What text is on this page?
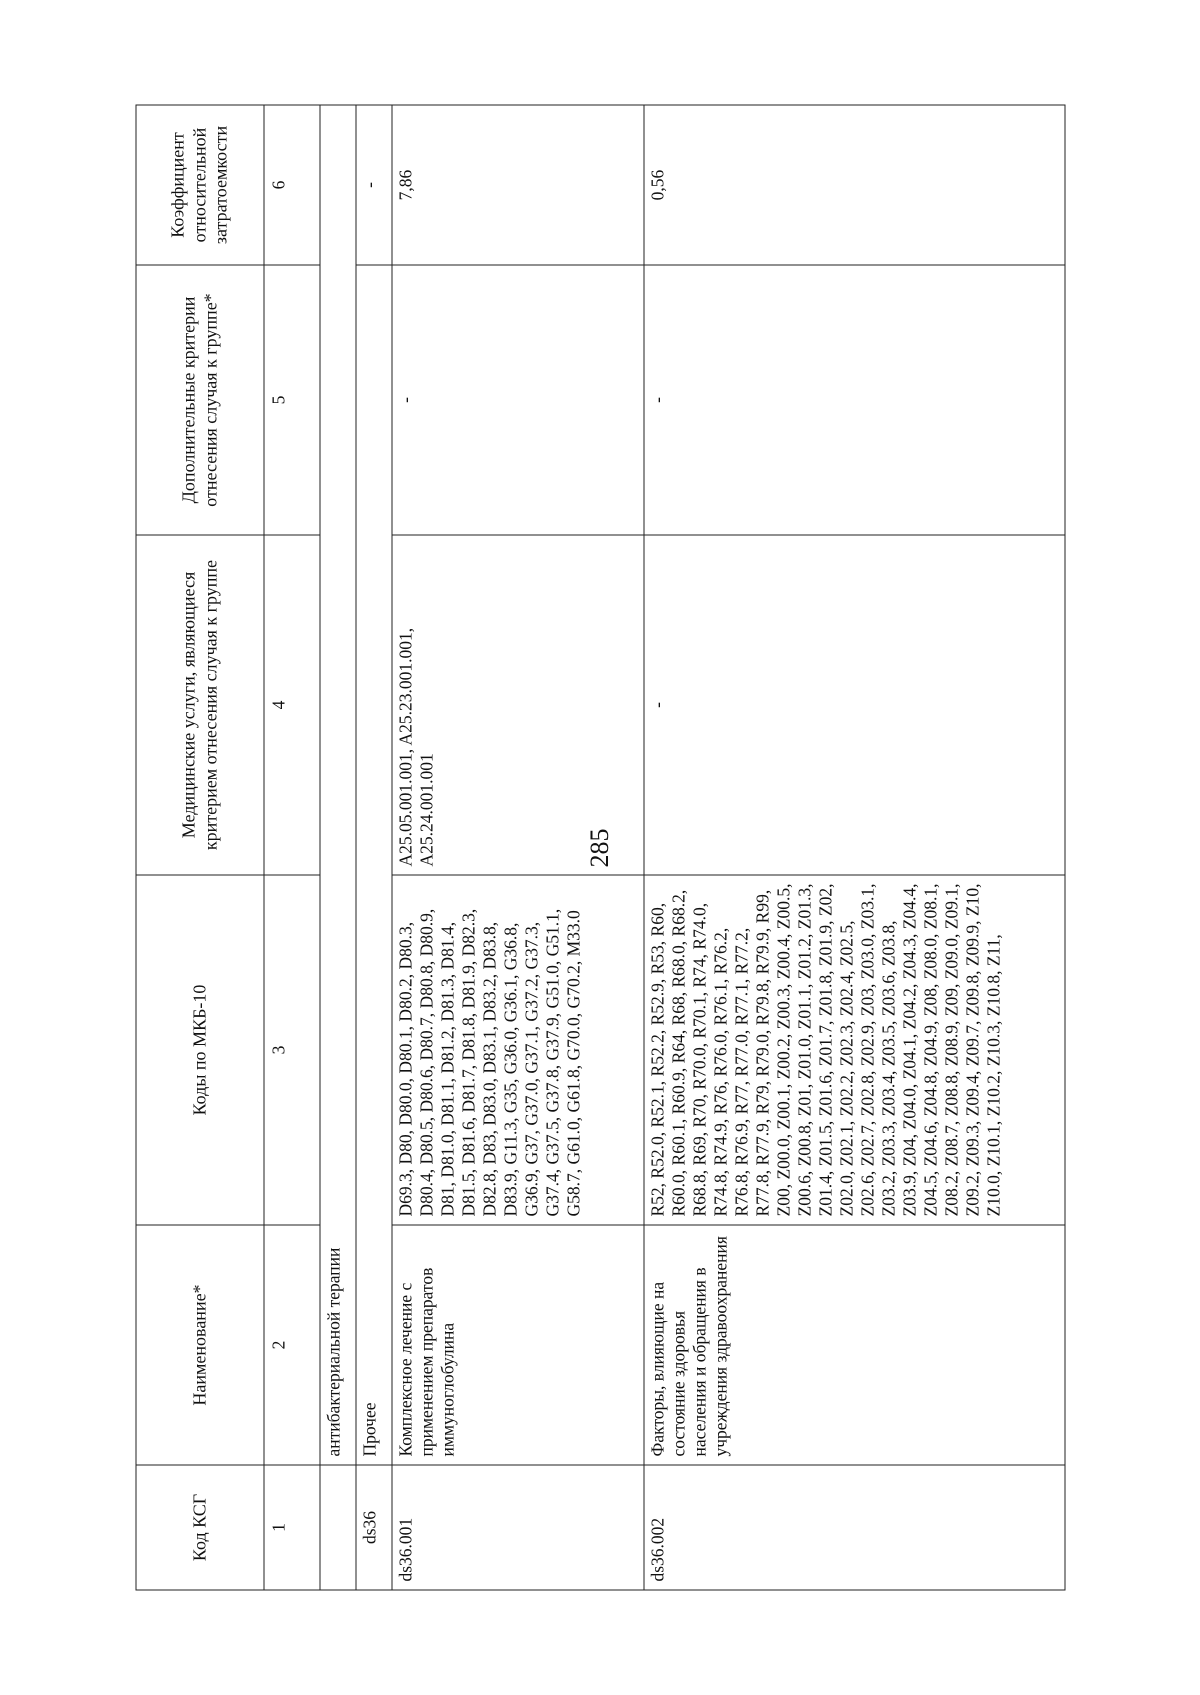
285
Код КСГ	Наименование*	Коды по МКБ-10	Медицинские услуги, являющиеся критерием отнесения случая к группе	Дополнительные критерии отнесения случая к группе*	Коэффициент относительной затратоемкости
1	2	3	4	5	6
	антибактериальной терапии				
ds36	Прочее				-
ds36.001	Комплексное лечение с применением препаратов иммуноглобулина	D69.3, D80, D80.0, D80.1, D80.2, D80.3, D80.4, D80.5, D80.6, D80.7, D80.8, D80.9, D81, D81.0, D81.1, D81.2, D81.3, D81.4, D81.5, D81.6, D81.7, D81.8, D81.9, D82.3, D82.8, D83, D83.0, D83.1, D83.2, D83.8, D83.9, G11.3, G35, G36.0, G36.1, G36.8, G36.9, G37, G37.0, G37.1, G37.2, G37.3, G37.4, G37.5, G37.8, G37.9, G51.0, G51.1, G58.7, G61.0, G61.8, G70.0, G70.2, M33.0	A25.05.001.001, A25.23.001.001, A25.24.001.001	-	7,86
ds36.002	Факторы, влияющие на состояние здоровья населения и обращения в учреждения здравоохранения	R52, R52.0, R52.1, R52.2, R52.9, R53, R60, R60.0, R60.1, R60.9, R64, R68, R68.0, R68.2, R68.8, R69, R70, R70.0, R70.1, R74, R74.0, R74.8, R74.9, R76, R76.0, R76.1, R76.2, R76.8, R76.9, R77, R77.0, R77.1, R77.2, R77.8, R77.9, R79, R79.0, R79.8, R79.9, R99, Z00, Z00.0, Z00.1, Z00.2, Z00.3, Z00.4, Z00.5, Z00.6, Z00.8, Z01, Z01.0, Z01.1, Z01.2, Z01.3, Z01.4, Z01.5, Z01.6, Z01.7, Z01.8, Z01.9, Z02, Z02.0, Z02.1, Z02.2, Z02.3, Z02.4, Z02.5, Z02.6, Z02.7, Z02.8, Z02.9, Z03, Z03.0, Z03.1, Z03.2, Z03.3, Z03.4, Z03.5, Z03.6, Z03.8, Z03.9, Z04, Z04.0, Z04.1, Z04.2, Z04.3, Z04.4, Z04.5, Z04.6, Z04.8, Z04.9, Z08, Z08.0, Z08.1, Z08.2, Z08.7, Z08.8, Z08.9, Z09, Z09.0, Z09.1, Z09.2, Z09.3, Z09.4, Z09.7, Z09.8, Z09.9, Z10, Z10.0, Z10.1, Z10.2, Z10.3, Z10.8, Z11,	-	-	0,56
